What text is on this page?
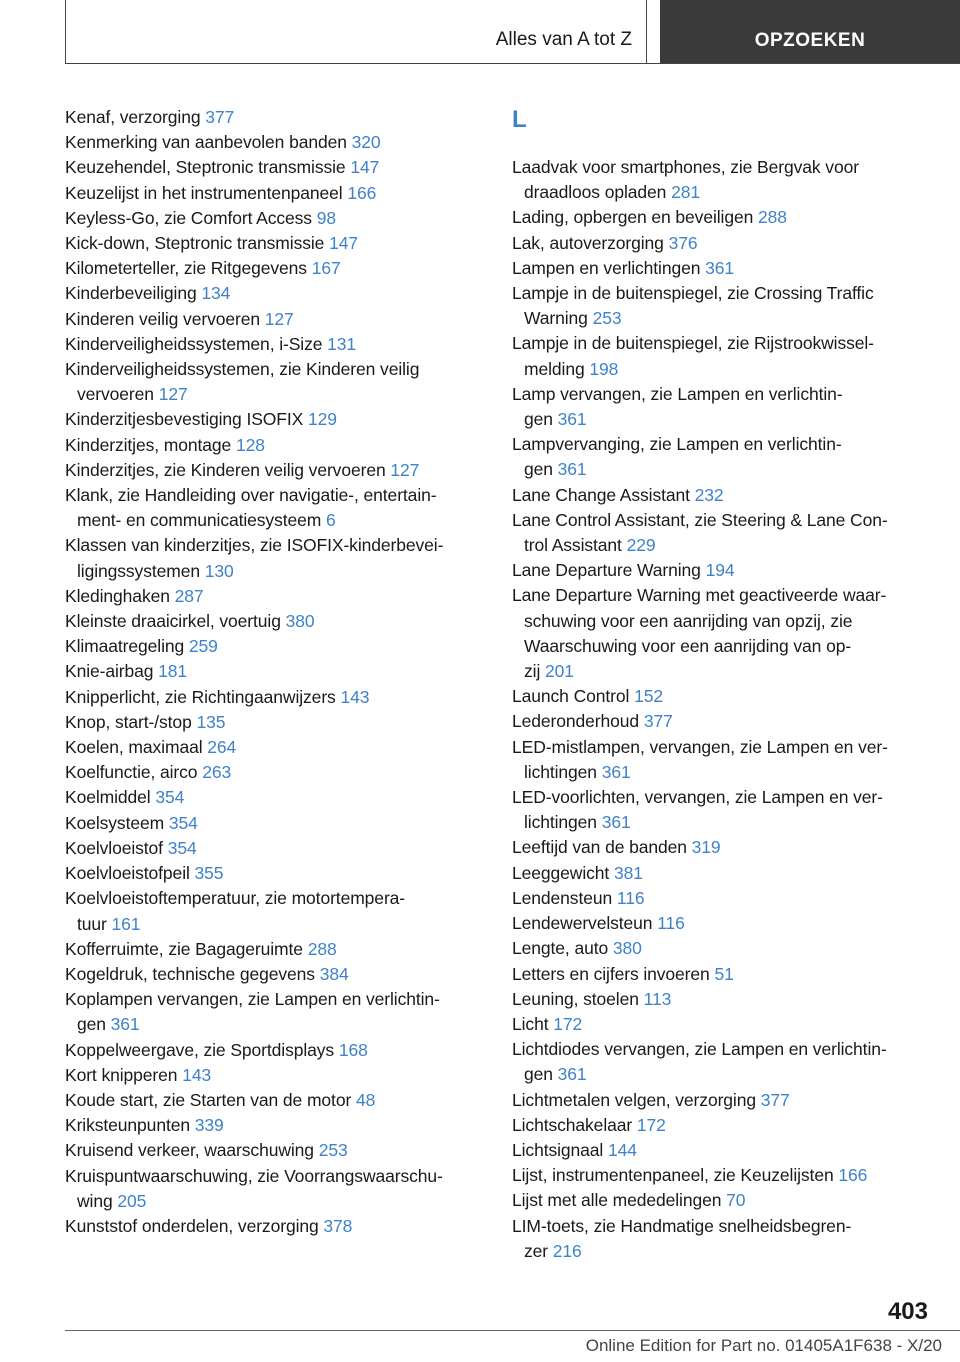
Alles van A tot Z	OPZOEKEN
Kenaf, verzorging 377
Kenmerking van aanbevolen banden 320
Keuzehendel, Steptronic transmissie 147
Keuzelijst in het instrumentenpaneel 166
Keyless-Go, zie Comfort Access 98
Kick-down, Steptronic transmissie 147
Kilometerteller, zie Ritgegevens 167
Kinderbeveiliging 134
Kinderen veilig vervoeren 127
Kinderveiligheidssystemen, i-Size 131
Kinderveiligheidssystemen, zie Kinderen veilig
vervoeren 127
Kinderzitjesbevestiging ISOFIX 129
Kinderzitjes, montage 128
Kinderzitjes, zie Kinderen veilig vervoeren 127
Klank, zie Handleiding over navigatie-, entertain-
ment- en communicatiesysteem 6
Klassen van kinderzitjes, zie ISOFIX-kinderbevei-
ligingssystemen 130
Kledinghaken 287
Kleinste draaicirkel, voertuig 380
Klimaatregeling 259
Knie-airbag 181
Knipperlicht, zie Richtingaanwijzers 143
Knop, start-/stop 135
Koelen, maximaal 264
Koelfunctie, airco 263
Koelmiddel 354
Koelsysteem 354
Koelvloeistof 354
Koelvloeistofpeil 355
Koelvloeistoftemperatuur, zie motortempera-
tuur 161
Kofferruimte, zie Bagageruimte 288
Kogeldruk, technische gegevens 384
Koplampen vervangen, zie Lampen en verlichtin-
gen 361
Koppelweergave, zie Sportdisplays 168
Kort knipperen 143
Koude start, zie Starten van de motor 48
Kriksteunpunten 339
Kruisend verkeer, waarschuwing 253
Kruispuntwaarschuwing, zie Voorrangswaarschu-
wing 205
Kunststof onderdelen, verzorging 378
L
Laadvak voor smartphones, zie Bergvak voor
draadloos opladen 281
Lading, opbergen en beveiligen 288
Lak, autoverzorging 376
Lampen en verlichtingen 361
Lampje in de buitenspiegel, zie Crossing Traffic
Warning 253
Lampje in de buitenspiegel, zie Rijstrookwissel-
melding 198
Lamp vervangen, zie Lampen en verlichtin-
gen 361
Lampvervanging, zie Lampen en verlichtin-
gen 361
Lane Change Assistant 232
Lane Control Assistant, zie Steering & Lane Con-
trol Assistant 229
Lane Departure Warning 194
Lane Departure Warning met geactiveerde waar-
schuwing voor een aanrijding van opzij, zie
Waarschuwing voor een aanrijding van op-
zij 201
Launch Control 152
Lederonderhoud 377
LED-mistlampen, vervangen, zie Lampen en ver-
lichtingen 361
LED-voorlichten, vervangen, zie Lampen en ver-
lichtingen 361
Leeftijd van de banden 319
Leeggewicht 381
Lendensteun 116
Lendewervelsteun 116
Lengte, auto 380
Letters en cijfers invoeren 51
Leuning, stoelen 113
Licht 172
Lichtdiodes vervangen, zie Lampen en verlichtin-
gen 361
Lichtmetalen velgen, verzorging 377
Lichtschakelaar 172
Lichtsignaal 144
Lijst, instrumentenpaneel, zie Keuzelijsten 166
Lijst met alle mededelingen 70
LIM-toets, zie Handmatige snelheidsbegren-
zer 216
403
Online Edition for Part no. 01405A1F638 - X/20
